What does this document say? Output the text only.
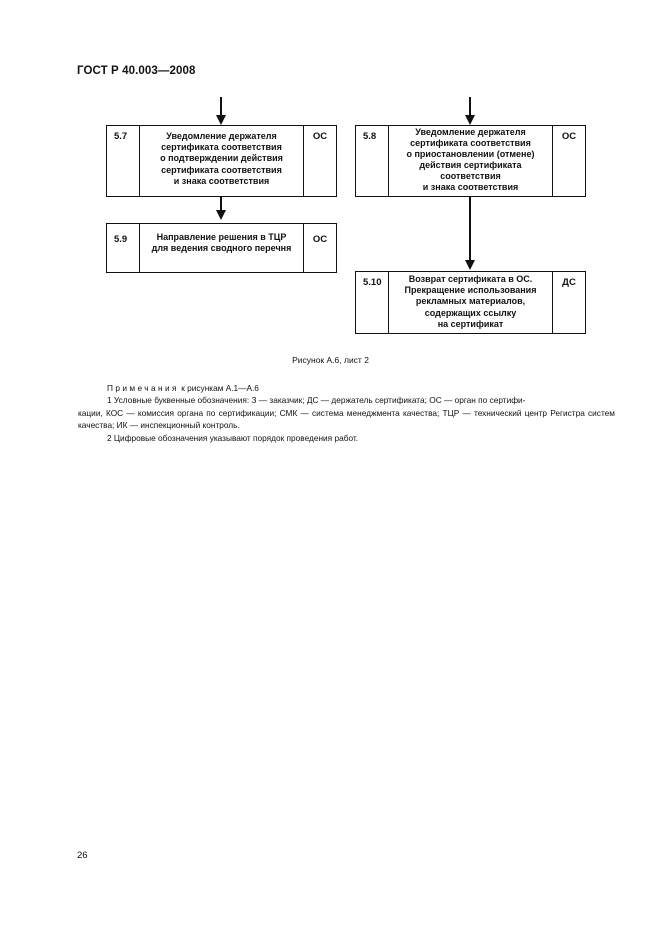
ГОСТ Р 40.003—2008
5.7	Уведомление держателя
сертификата соответствия
о подтверждении действия
сертификата соответствия
и знака соответствия
ОС
5.9	Направление решения в ТЦР
для ведения сводного перечня
ОС
5.8	Уведомление держателя
сертификата соответствия
о приостановлении (отмене)
действия сертификата
соответствия
и знака соответствия
ОС
5.10	Возврат сертификата в ОС.
Прекращение использования
рекламных материалов,
содержащих ссылку
на сертификат
ДС
Рисунок А.6, лист 2

Примечания к рисункам А.1—А.6

1 Условные буквенные обозначения: З — заказчик; ДС — держатель сертификата; ОС — орган по сертифи-

кации, КОС — комиссия органа по сертификации; СМК — система менеджмента качества; ТЦР — технический центр Регистра систем качества; ИК — инспекционный контроль.

2 Цифровые обозначения указывают порядок проведения работ.

26
